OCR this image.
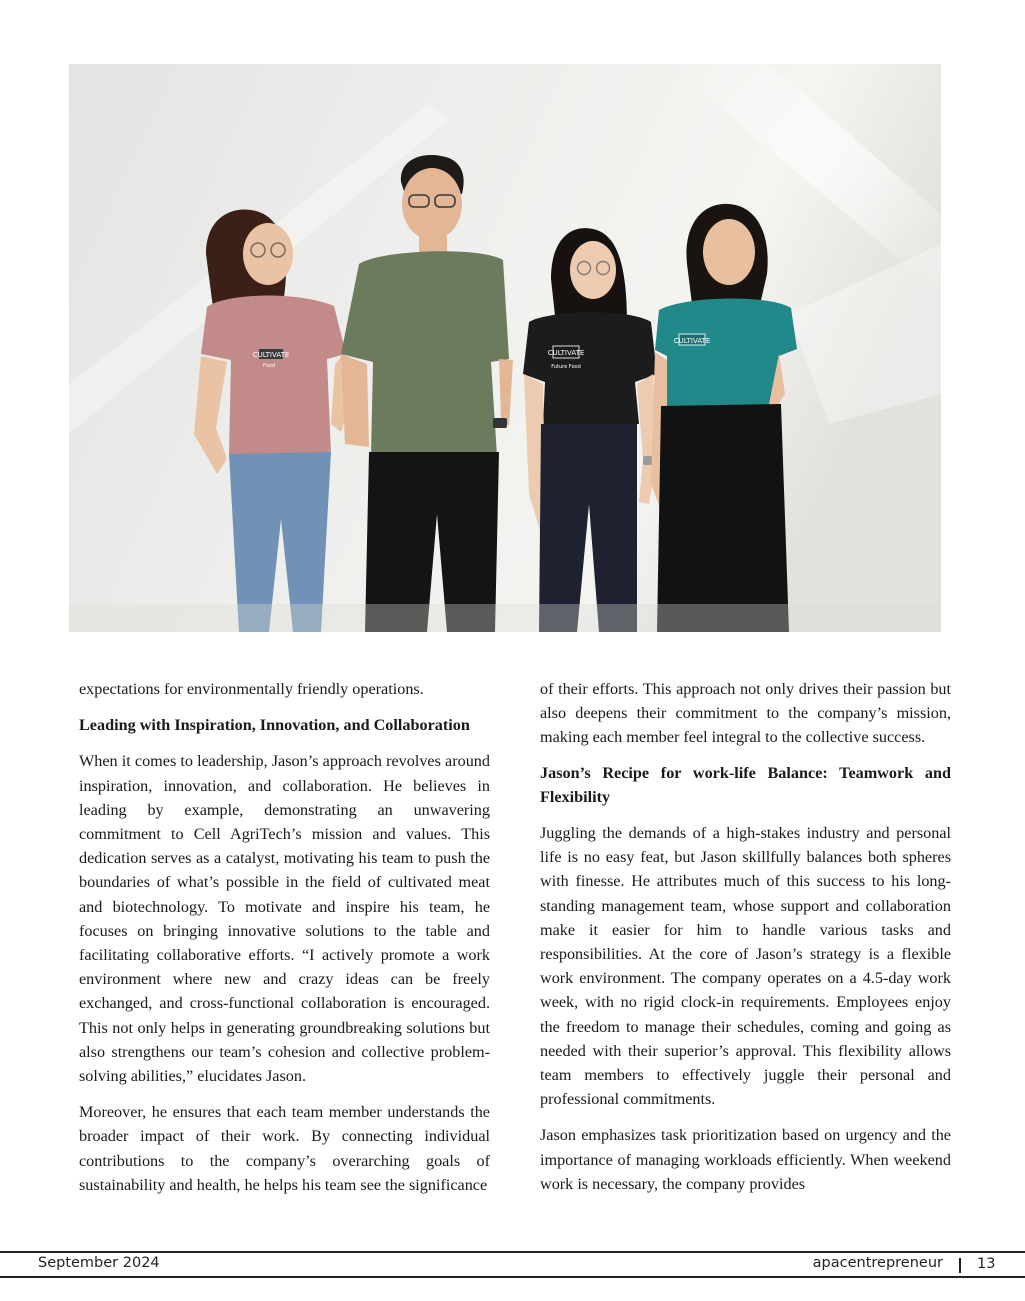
CULTIVATE
Food
CULTIVATE
Future Food
CULTIVATE

expectations for environmentally friendly operations.

Leading with Inspiration, Innovation, and Collaboration

When it comes to leadership, Jason’s approach revolves around inspiration, innovation, and collaboration. He believes in leading by example, demonstrating an unwavering commitment to Cell AgriTech’s mission and values. This dedication serves as a catalyst, motivating his team to push the boundaries of what’s possible in the field of cultivated meat and biotechnology. To motivate and inspire his team, he focuses on bringing innovative solutions to the table and facilitating collaborative efforts. “I actively promote a work environment where new and crazy ideas can be freely exchanged, and cross-functional collaboration is encouraged. This not only helps in generating groundbreaking solutions but also strengthens our team’s cohesion and collective problem-solving abilities,” elucidates Jason.

Moreover, he ensures that each team member understands the broader impact of their work. By connecting individual contributions to the company’s overarching goals of sustainability and health, he helps his team see the significance

of their efforts. This approach not only drives their passion but also deepens their commitment to the company’s mission, making each member feel integral to the collective success.

Jason’s Recipe for work-life Balance: Teamwork and Flexibility

Juggling the demands of a high-stakes industry and personal life is no easy feat, but Jason skillfully balances both spheres with finesse. He attributes much of this success to his long-standing management team, whose support and collaboration make it easier for him to handle various tasks and responsibilities. At the core of Jason’s strategy is a flexible work environment. The company operates on a 4.5-day work week, with no rigid clock-in requirements. Employees enjoy the freedom to manage their schedules, coming and going as needed with their superior’s approval. This flexibility allows team members to effectively juggle their personal and professional commitments.

Jason emphasizes task prioritization based on urgency and the importance of managing workloads efficiently. When weekend work is necessary, the company provides

September 2024	apacentrepreneur 13
